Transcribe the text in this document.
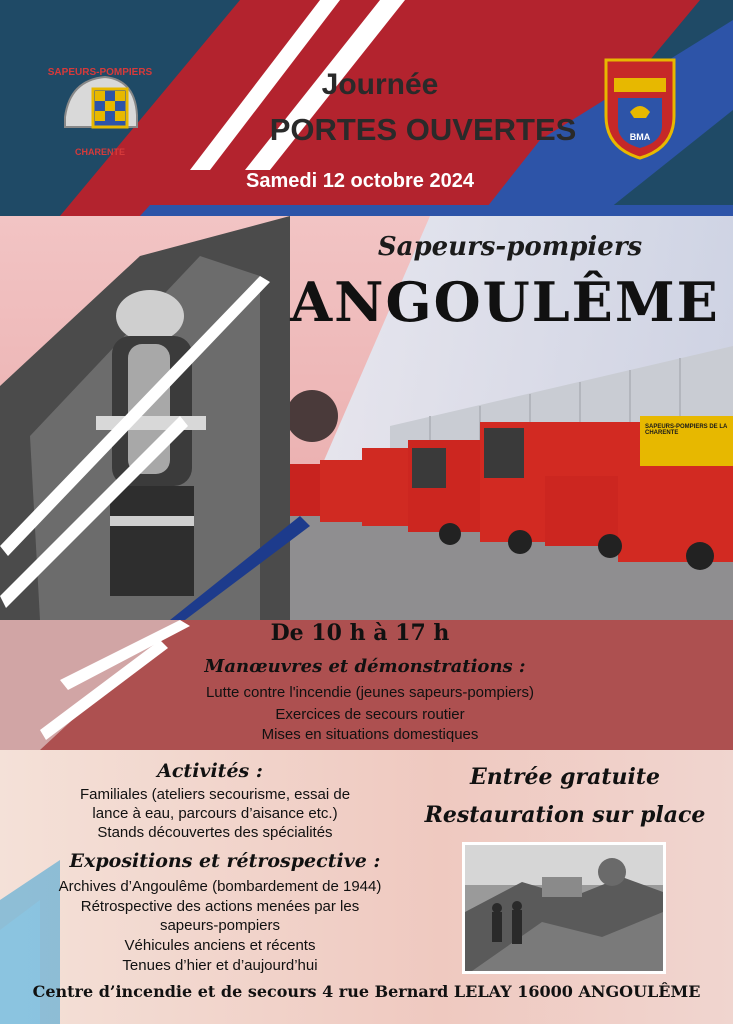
SAPEURS-POMPIERS
CHARENTE
BMA
Journée
PORTES OUVERTES
Samedi 12 octobre 2024
SAPEURS-POMPIERS DE LA CHARENTE
Sapeurs-pompiers
ANGOULÊME
De 10 h à 17 h
Manœuvres et démonstrations :
Lutte contre l'incendie (jeunes sapeurs-pompiers)
Exercices de secours routier
Mises en situations domestiques
Activités :
Familiales (ateliers secourisme, essai de
lance à eau, parcours d’aisance etc.)
Stands découvertes des spécialités
Expositions et rétrospective :
Archives d’Angoulême (bombardement de 1944)
Rétrospective des actions menées par les
sapeurs-pompiers
Véhicules anciens et récents
Tenues d’hier et d’aujourd’hui
Entrée gratuite
Restauration sur place
Centre d’incendie et de secours 4 rue Bernard LELAY 16000 ANGOULÊME
